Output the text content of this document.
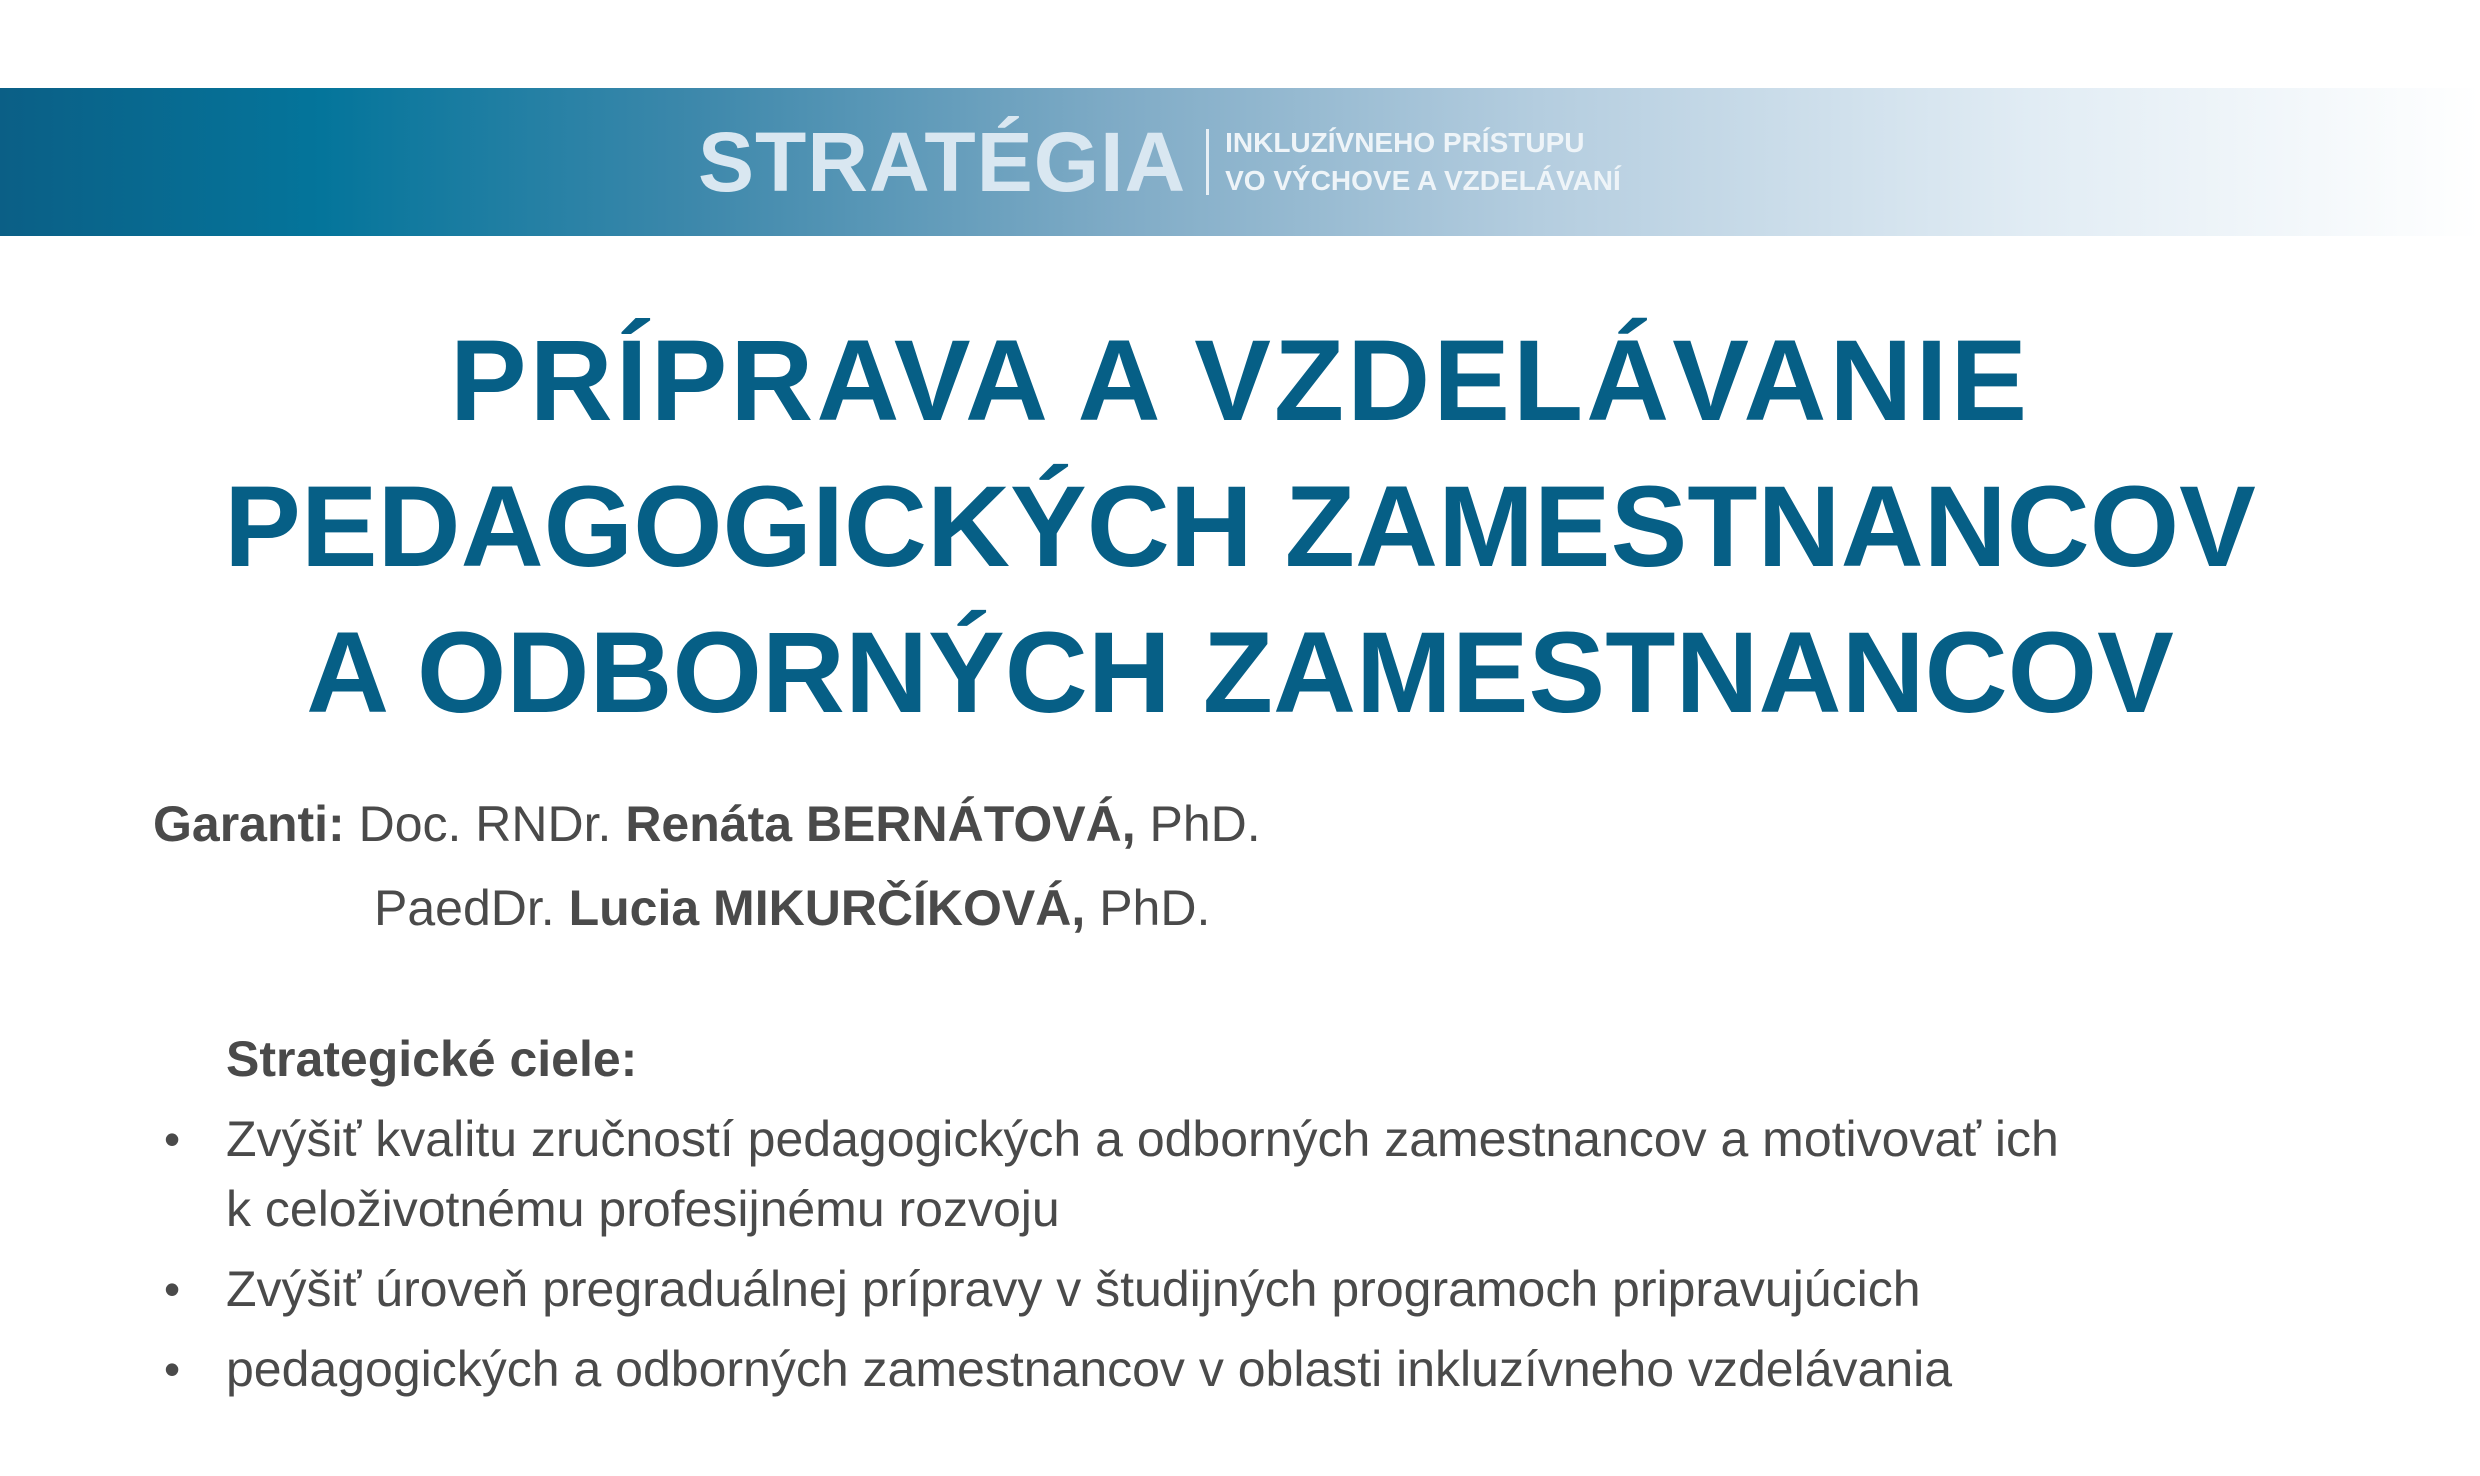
STRATÉGIA INKLUZÍVNEHO PRÍSTUPU
VO VÝCHOVE A VZDELÁVANÍ
PRÍPRAVA A VZDELÁVANIE
PEDAGOGICKÝCH ZAMESTNANCOV
A ODBORNÝCH ZAMESTNANCOV
Garanti: Doc. RNDr. Renáta BERNÁTOVÁ, PhD.
PaedDr. Lucia MIKURČÍKOVÁ, PhD.
Strategické ciele:
• Zvýšiť kvalitu zručností pedagogických a odborných zamestnancov a motivovať ich
k celoživotnému profesijnému rozvoju
• Zvýšiť úroveň pregraduálnej prípravy v študijných programoch pripravujúcich
• pedagogických a odborných zamestnancov v oblasti inkluzívneho vzdelávania
